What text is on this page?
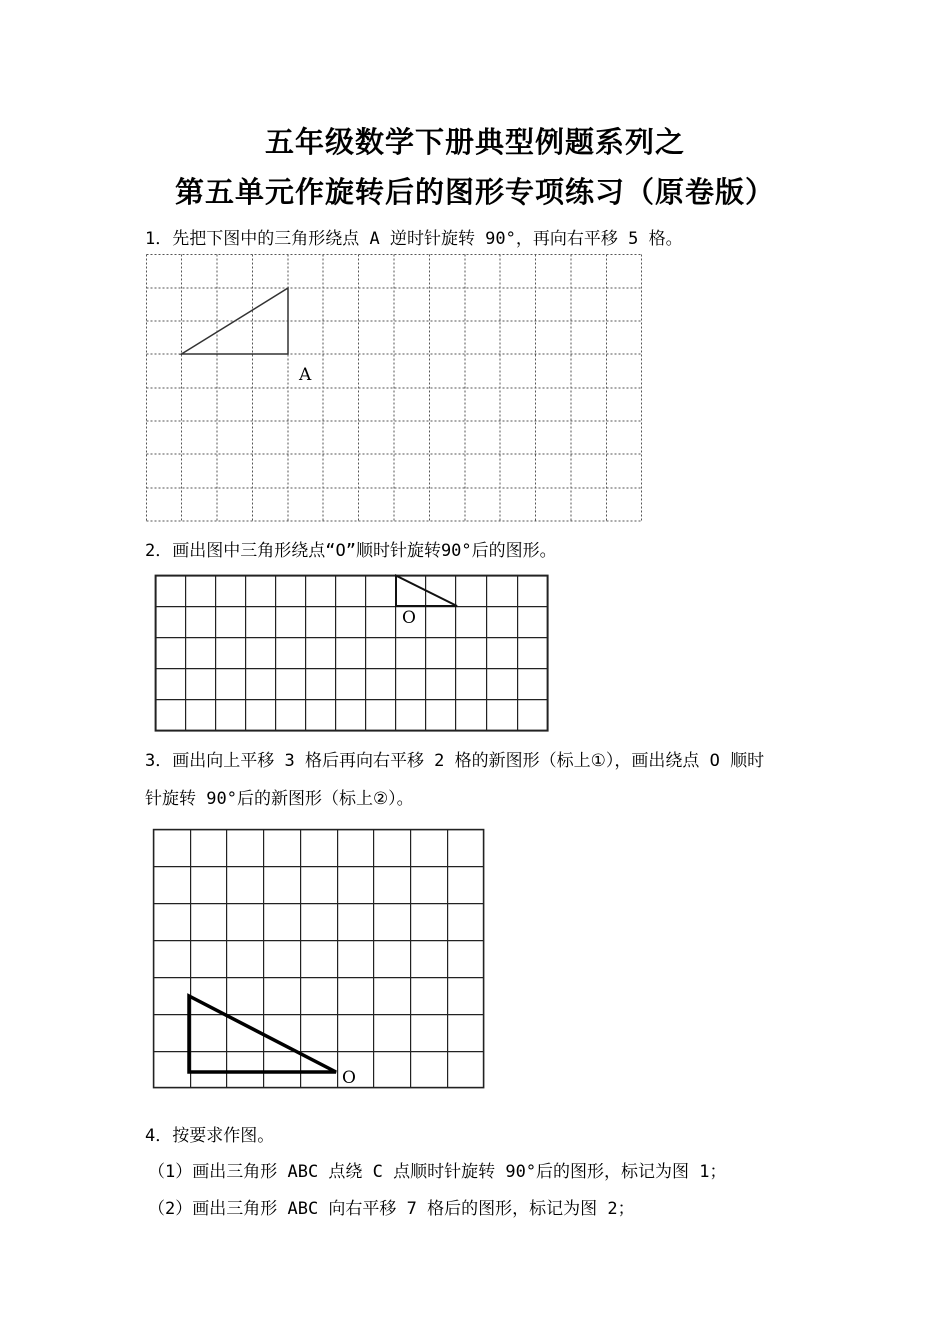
五年级数学下册典型例题系列之
第五单元作旋转后的图形专项练习（原卷版）
1．先把下图中的三角形绕点 A 逆时针旋转 90°，再向右平移 5 格。
A
2．画出图中三角形绕点“O”顺时针旋转90°后的图形。
O
3．画出向上平移 3 格后再向右平移 2 格的新图形（标上①），画出绕点 O 顺时
针旋转 90°后的新图形（标上②）。
O
4．按要求作图。
（1）画出三角形 ABC 点绕 C 点顺时针旋转 90°后的图形，标记为图 1；
（2）画出三角形 ABC 向右平移 7 格后的图形，标记为图 2；
